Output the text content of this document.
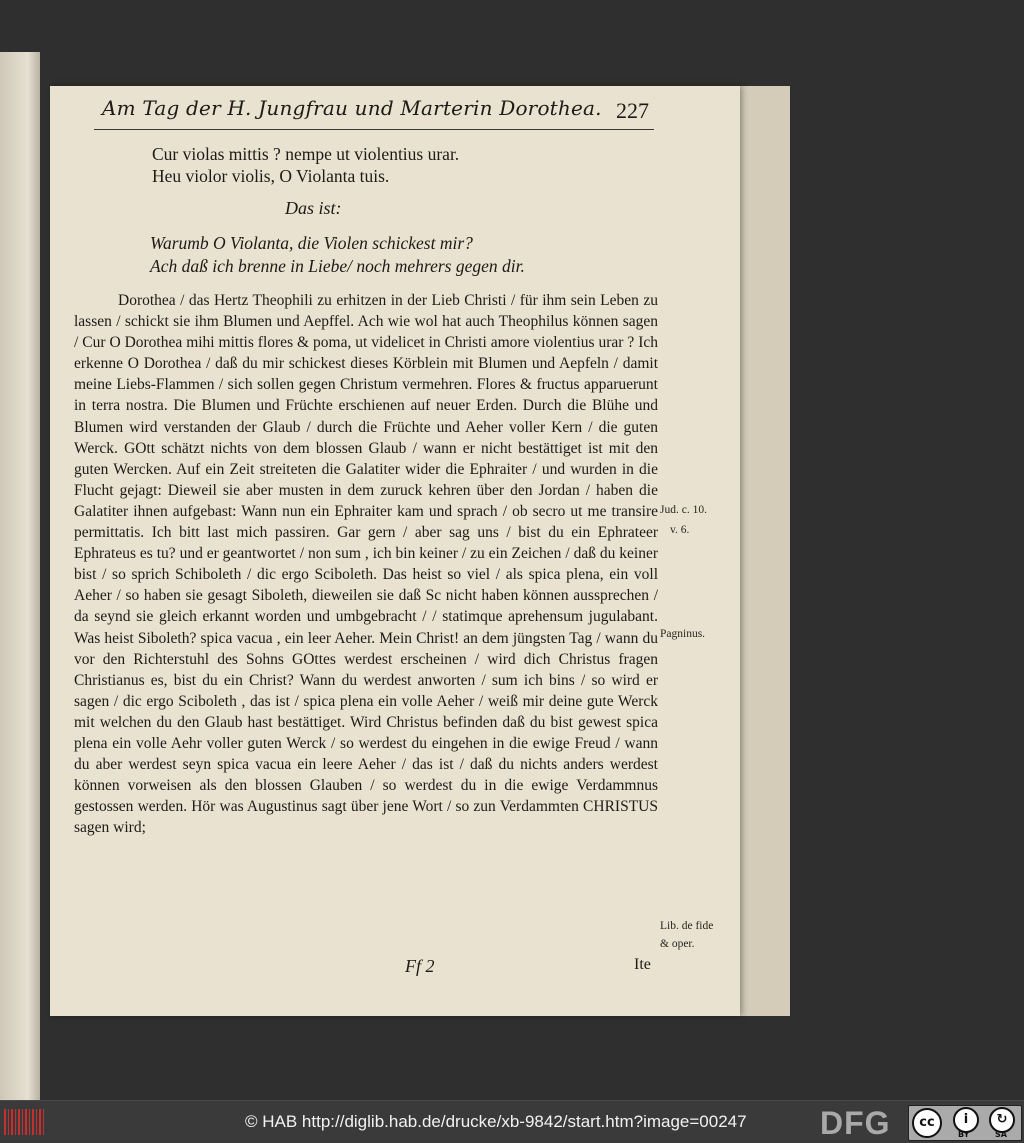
Am Tag der H. Jungfrau und Marterin Dorothea. 227
Cur violas mittis ? nempe ut violentius urar.
Heu violor violis, O Violanta tuis.
Das ist:
Warumb O Violanta, die Violen schickest mir?
Ach daß ich brenne in Liebe/ noch mehrers gegen dir.
Dorothea / das Hertz Theophili zu erhitzen in der Lieb Christi / für ihm sein Leben zu lassen / schickt sie ihm Blumen und Aepffel. Ach wie wol hat auch Theophilus können sagen / Cur O Dorothea mihi mittis flores & poma, ut videlicet in Christi amore violentius urar ? Ich erkenne O Dorothea / daß du mir schickest dieses Körblein mit Blumen und Aepfeln / damit meine Liebs-Flammen / sich sollen gegen Christum vermehren. Flores & fructus apparuerunt in terra nostra. Die Blumen und Früchte erschienen auf neuer Erden. Durch die Blühe und Blumen wird verstanden der Glaub / durch die Früchte und Aeher voller Kern / die guten Werck. GOtt schätzt nichts von dem blossen Glaub / wann er nicht bestättiget ist mit den guten Wercken. Auf ein Zeit streiteten die Galatiter wider die Ephraiter / und wurden in die Flucht gejagt: Dieweil sie aber musten in dem zuruck kehren über den Jordan / haben die Galatiter ihnen aufgebast: Wann nun ein Ephraiter kam und sprach / ob secro ut me transire permittatis. Ich bitt last mich passiren. Gar gern / aber sag uns / bist du ein Ephrateer Ephrateus es tu? und er geantwortet / non sum , ich bin keiner / zu ein Zeichen / daß du keiner bist / so sprich Schiboleth / dic ergo Sciboleth. Das heist so viel / als spica plena, ein voll Aeher / so haben sie gesagt Siboleth, dieweilen sie daß Sc nicht haben können aussprechen / da seynd sie gleich erkannt worden und umbgebracht / / statimque aprehensum jugulabant. Was heist Siboleth? spica vacua , ein leer Aeher. Mein Christ! an dem jüngsten Tag / wann du vor den Richterstuhl des Sohns GOttes werdest erscheinen / wird dich Christus fragen Christianus es, bist du ein Christ? Wann du werdest anworten / sum ich bins / so wird er sagen / dic ergo Sciboleth , das ist / spica plena ein volle Aeher / weiß mir deine gute Werck mit welchen du den Glaub hast bestättiget. Wird Christus befinden daß du bist gewest spica plena ein volle Aehr voller guten Werck / so werdest du eingehen in die ewige Freud / wann du aber werdest seyn spica vacua ein leere Aeher / das ist / daß du nichts anders werdest können vorweisen als den blossen Glauben / so werdest du in die ewige Verdammnus gestossen werden. Hör was Augustinus sagt über jene Wort / so zun Verdammten CHRISTUS sagen wird;
Jud. c. 10.
v. 6.
Pagninus.
Lib. de fide
& oper.
Ff 2	Ite
© HAB http://diglib.hab.de/drucke/xb-9842/start.htm?image=00247 DFG	cc	i	↻
BY	SA
